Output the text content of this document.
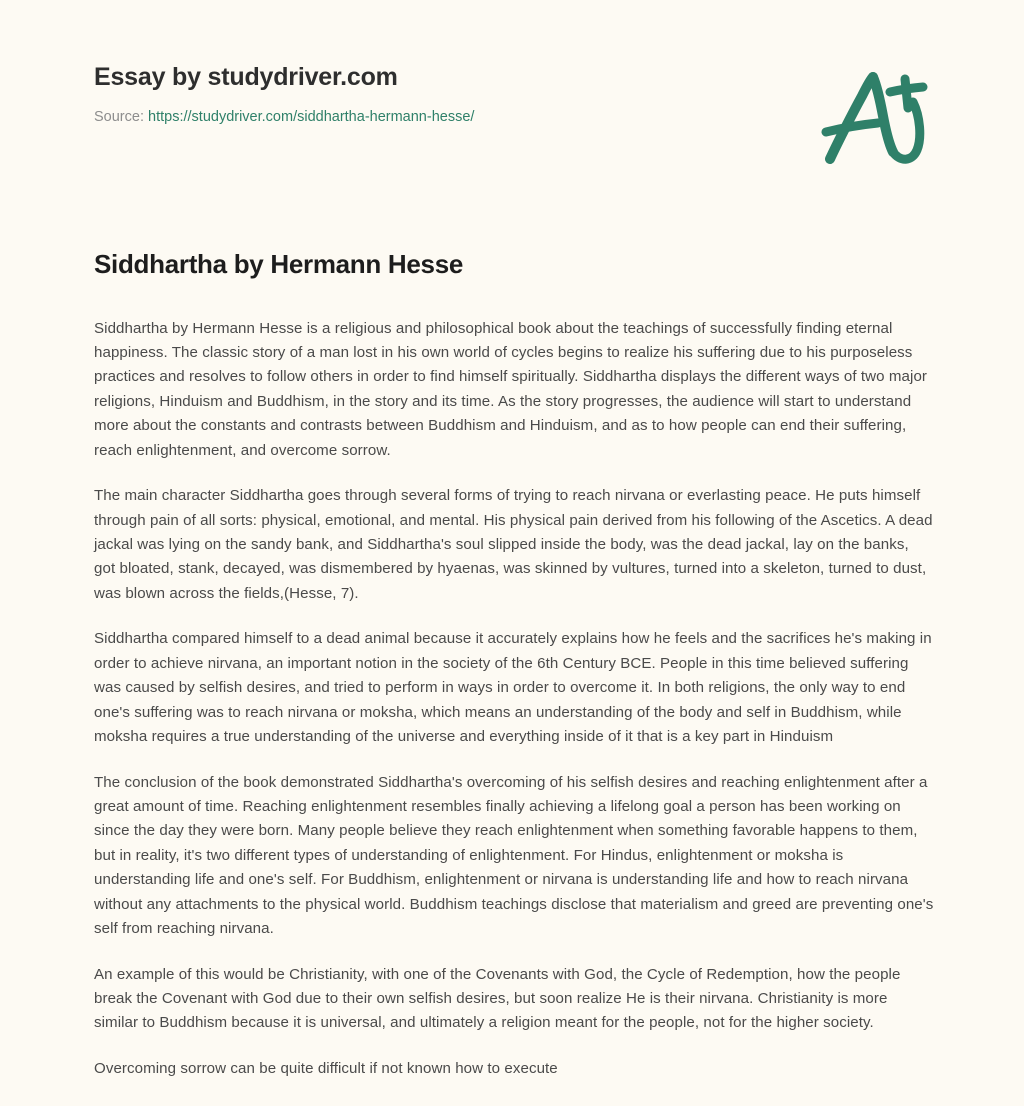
Essay by studydriver.com
Source: https://studydriver.com/siddhartha-hermann-hesse/
Siddhartha by Hermann Hesse

Siddhartha by Hermann Hesse is a religious and philosophical book about the teachings of successfully finding eternal happiness. The classic story of a man lost in his own world of cycles begins to realize his suffering due to his purposeless practices and resolves to follow others in order to find himself spiritually. Siddhartha displays the different ways of two major religions, Hinduism and Buddhism, in the story and its time. As the story progresses, the audience will start to understand more about the constants and contrasts between Buddhism and Hinduism, and as to how people can end their suffering, reach enlightenment, and overcome sorrow.

The main character Siddhartha goes through several forms of trying to reach nirvana or everlasting peace. He puts himself through pain of all sorts: physical, emotional, and mental. His physical pain derived from his following of the Ascetics. A dead jackal was lying on the sandy bank, and Siddhartha's soul slipped inside the body, was the dead jackal, lay on the banks, got bloated, stank, decayed, was dismembered by hyaenas, was skinned by vultures, turned into a skeleton, turned to dust, was blown across the fields,(Hesse, 7).

Siddhartha compared himself to a dead animal because it accurately explains how he feels and the sacrifices he's making in order to achieve nirvana, an important notion in the society of the 6th Century BCE. People in this time believed suffering was caused by selfish desires, and tried to perform in ways in order to overcome it. In both religions, the only way to end one's suffering was to reach nirvana or moksha, which means an understanding of the body and self in Buddhism, while moksha requires a true understanding of the universe and everything inside of it that is a key part in Hinduism

The conclusion of the book demonstrated Siddhartha's overcoming of his selfish desires and reaching enlightenment after a great amount of time. Reaching enlightenment resembles finally achieving a lifelong goal a person has been working on since the day they were born. Many people believe they reach enlightenment when something favorable happens to them, but in reality, it's two different types of understanding of enlightenment. For Hindus, enlightenment or moksha is understanding life and one's self. For Buddhism, enlightenment or nirvana is understanding life and how to reach nirvana without any attachments to the physical world. Buddhism teachings disclose that materialism and greed are preventing one's self from reaching nirvana.

An example of this would be Christianity, with one of the Covenants with God, the Cycle of Redemption, how the people break the Covenant with God due to their own selfish desires, but soon realize He is their nirvana. Christianity is more similar to Buddhism because it is universal, and ultimately a religion meant for the people, not for the higher society.

Overcoming sorrow can be quite difficult if not known how to execute
